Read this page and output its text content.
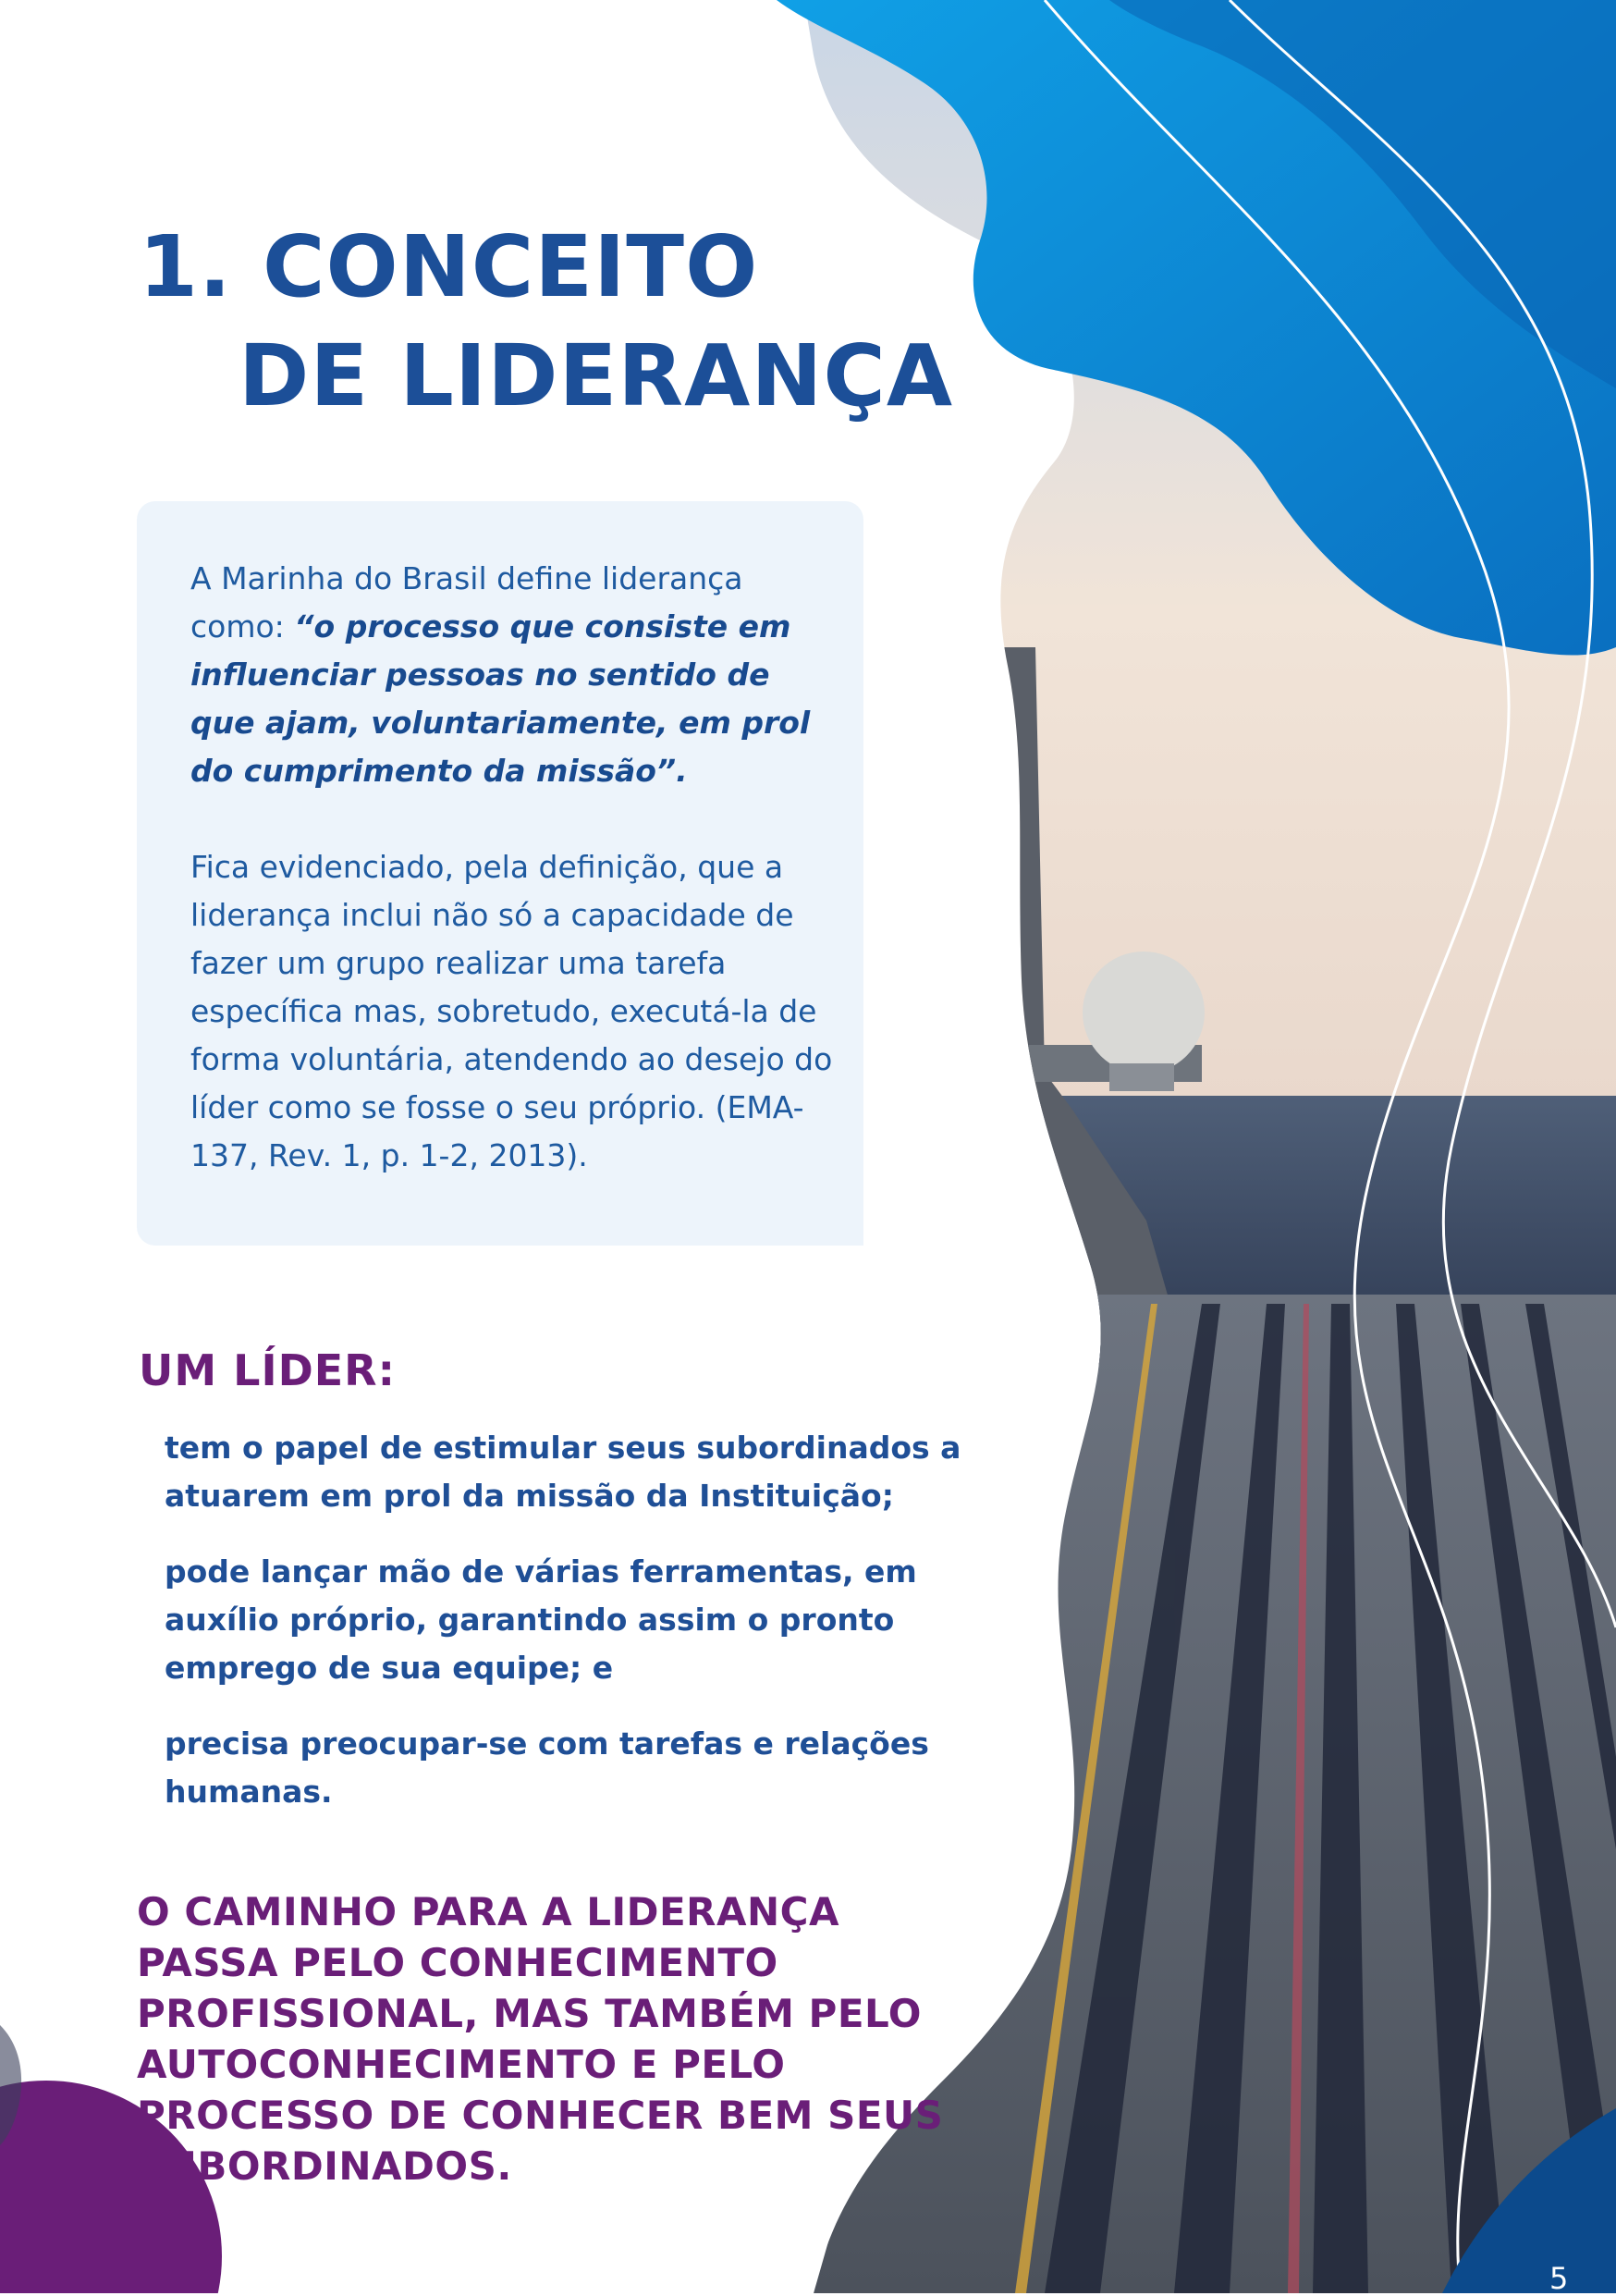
1. CONCEITO
DE LIDERANÇA

A Marinha do Brasil define liderança como: “o processo que consiste em influenciar pessoas no sentido de que ajam, voluntariamente, em prol do cumprimento da missão”.

Fica evidenciado, pela definição, que a liderança inclui não só a capacidade de fazer um grupo realizar uma tarefa específica mas, sobretudo, executá-la de forma voluntária, atendendo ao desejo do líder como se fosse o seu próprio. (EMA-137, Rev. 1, p. 1-2, 2013).

UM LÍDER:
tem o papel de estimular seus subordinados a atuarem em prol da missão da Instituição;
pode lançar mão de várias ferramentas, em auxílio próprio, garantindo assim o pronto emprego de sua equipe; e
precisa preocupar-se com tarefas e relações humanas.

O CAMINHO PARA A LIDERANÇA PASSA PELO CONHECIMENTO PROFISSIONAL, MAS TAMBÉM PELO AUTOCONHECIMENTO E PELO PROCESSO DE CONHECER BEM SEUS SUBORDINADOS.

5
